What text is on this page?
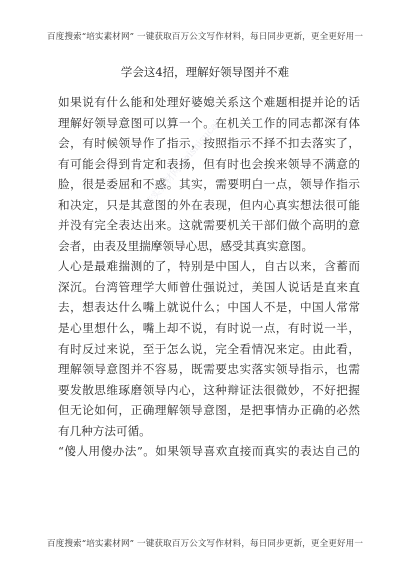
百度搜索“培实素材网” 一键获取百万公文写作材料，每日同步更新，更全更好用一
学会这4招，理解好领导图并不难
如果说有什么能和处理好婆媳关系这个难题相提并论的话
理解好领导意图可以算一个。在机关工作的同志都深有体
会，有时候领导作了指示，按照指示不择不扣去落实了，
有可能会得到肯定和表扬，但有时也会挨来领导不满意的
脸，很是委屈和不惑。其实，需要明白一点，领导作指示
和决定，只是其意图的外在表现，但内心真实想法很可能
并没有完全表达出来。这就需要机关干部们做个高明的意
会者，由表及里揣摩领导心思，感受其真实意图。
人心是最难揣测的了，特别是中国人，自古以来，含蓄而
深沉。台湾管理学大师曾仕强说过，美国人说话是直来直
去，想表达什么嘴上就说什么；中国人不是，中国人常常
是心里想什么，嘴上却不说，有时说一点，有时说一半，
有时反过来说，至于怎么说，完全看情况来定。由此看，
理解领导意图并不容易，既需要忠实落实领导指示，也需
要发散思维琢磨领导内心，这种辩证法很微妙，不好把握
但无论如何，正确理解领导意图，是把事情办正确的必然
有几种方法可循。
“傻人用傻办法”。如果领导喜欢直接而真实的表达自己的
培实素材网 peishisucai
百度搜索“培实素材网” 一键获取百万公文写作材料，每日同步更新，更全更好用一
